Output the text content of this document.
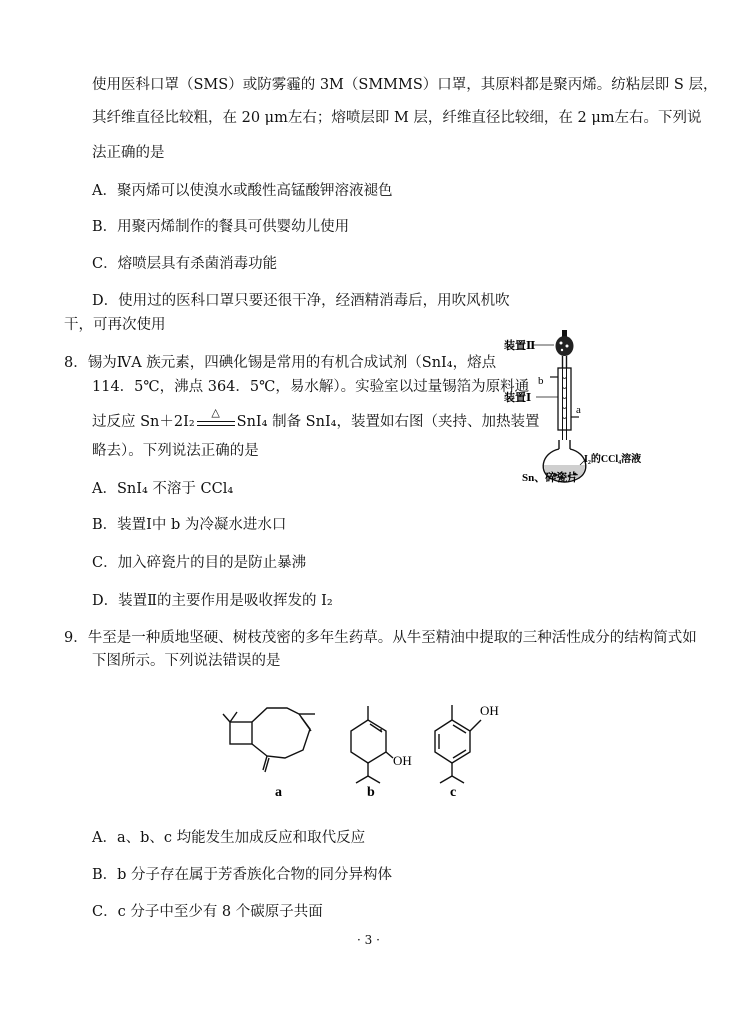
使用医科口罩（SMS）或防雾霾的 3M（SMMMS）口罩，其原料都是聚丙烯。纺粘层即 S 层，
其纤维直径比较粗，在 20 μm左右；熔喷层即 M 层，纤维直径比较细，在 2 μm左右。下列说
法正确的是
A．聚丙烯可以使溴水或酸性高锰酸钾溶液褪色
B．用聚丙烯制作的餐具可供婴幼儿使用
C．熔喷层具有杀菌消毒功能
D．使用过的医科口罩只要还很干净，经酒精消毒后，用吹风机吹
干，可再次使用
8．锡为ⅣA 族元素，四碘化锡是常用的有机合成试剂（SnI₄，熔点
114．5℃，沸点 364．5℃，易水解）。实验室以过量锡箔为原料通
过反应 Sn＋2I₂
△
SnI₄ 制备 SnI₄，装置如右图（夹持、加热装置
略去）。下列说法正确的是
A．SnI₄ 不溶于 CCl₄
B．装置Ⅰ中 b 为冷凝水进水口
C．加入碎瓷片的目的是防止暴沸
D．装置Ⅱ的主要作用是吸收挥发的 I₂
装置Ⅱ
b
装置Ⅰ
a
I₂的CCl₄溶液
Sn、碎瓷片
9．牛至是一种质地坚硬、树枝茂密的多年生药草。从牛至精油中提取的三种活性成分的结构简式如
下图所示。下列说法错误的是
OH
OH
a	b	c
A．a、b、c 均能发生加成反应和取代反应
B．b 分子存在属于芳香族化合物的同分异构体
C．c 分子中至少有 8 个碳原子共面
· 3 ·
